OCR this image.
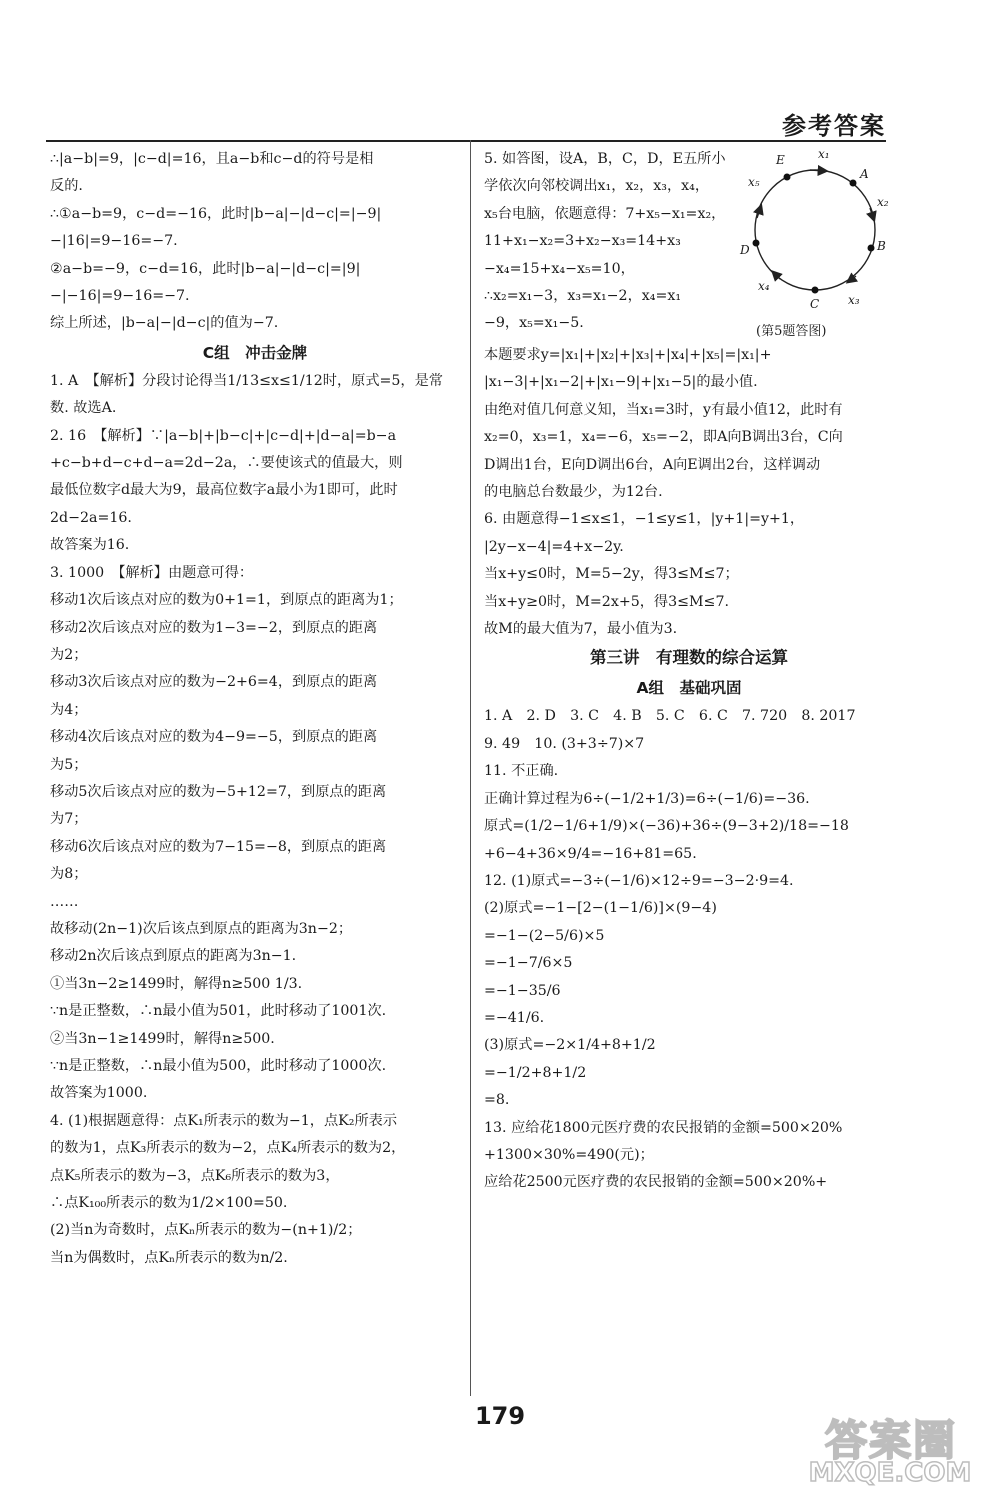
参考答案
∴|a−b|=9，|c−d|=16，且a−b和c−d的符号是相
反的.
∴①a−b=9，c−d=−16，此时|b−a|−|d−c|=|−9|
−|16|=9−16=−7.
②a−b=−9，c−d=16，此时|b−a|−|d−c|=|9|
−|−16|=9−16=−7.
综上所述，|b−a|−|d−c|的值为−7.
C组　冲击金牌
1. A　【解析】分段讨论得当1/13≤x≤1/12时，原式=5，是常
数. 故选A.
2. 16　【解析】∵|a−b|+|b−c|+|c−d|+|d−a|=b−a
+c−b+d−c+d−a=2d−2a，∴要使该式的值最大，则
最低位数字d最大为9，最高位数字a最小为1即可，此时
2d−2a=16.
故答案为16.
3. 1000　【解析】由题意可得：
移动1次后该点对应的数为0+1=1，到原点的距离为1；
移动2次后该点对应的数为1−3=−2，到原点的距离
为2；
移动3次后该点对应的数为−2+6=4，到原点的距离
为4；
移动4次后该点对应的数为4−9=−5，到原点的距离
为5；
移动5次后该点对应的数为−5+12=7，到原点的距离
为7；
移动6次后该点对应的数为7−15=−8，到原点的距离
为8；
……
故移动(2n−1)次后该点到原点的距离为3n−2；
移动2n次后该点到原点的距离为3n−1.
①当3n−2≥1499时，解得n≥500 1/3.
∵n是正整数，∴n最小值为501，此时移动了1001次.
②当3n−1≥1499时，解得n≥500.
∵n是正整数，∴n最小值为500，此时移动了1000次.
故答案为1000.
4. (1)根据题意得：点K₁所表示的数为−1，点K₂所表示
的数为1，点K₃所表示的数为−2，点K₄所表示的数为2，
点K₅所表示的数为−3，点K₆所表示的数为3，
∴点K₁₀₀所表示的数为1/2×100=50.
(2)当n为奇数时，点Kₙ所表示的数为−(n+1)/2；
当n为偶数时，点Kₙ所表示的数为n/2.
5. 如答图，设A，B，C，D，E五所小
学依次向邻校调出x₁，x₂，x₃，x₄，
x₅台电脑，依题意得：7+x₅−x₁=x₂，
11+x₁−x₂=3+x₂−x₃=14+x₃
−x₄=15+x₄−x₅=10，
∴x₂=x₁−3，x₃=x₁−2，x₄=x₁
−9，x₅=x₁−5.
本题要求y=|x₁|+|x₂|+|x₃|+|x₄|+|x₅|=|x₁|+
|x₁−3|+|x₁−2|+|x₁−9|+|x₁−5|的最小值.
由绝对值几何意义知，当x₁=3时，y有最小值12，此时有
x₂=0，x₃=1，x₄=−6，x₅=−2，即A向B调出3台，C向
D调出1台，E向D调出6台，A向E调出2台，这样调动
的电脑总台数最少，为12台.
6. 由题意得−1≤x≤1，−1≤y≤1，|y+1|=y+1，
|2y−x−4|=4+x−2y.
当x+y≤0时，M=5−2y，得3≤M≤7；
当x+y≥0时，M=2x+5，得3≤M≤7.
故M的最大值为7，最小值为3.
第三讲　有理数的综合运算
A组　基础巩固
1. A　2. D　3. C　4. B　5. C　6. C　7. 720　8. 2017
9. 49　10. (3+3÷7)×7
11. 不正确.
正确计算过程为6÷(−1/2+1/3)=6÷(−1/6)=−36.
原式=(1/2−1/6+1/9)×(−36)+36÷(9−3+2)/18=−18
+6−4+36×9/4=−16+81=65.
12. (1)原式=−3÷(−1/6)×12÷9=−3−2·9=4.
(2)原式=−1−[2−(1−1/6)]×(9−4)
=−1−(2−5/6)×5
=−1−7/6×5
=−1−35/6
=−41/6.
(3)原式=−2×1/4+8+1/2
=−1/2+8+1/2
=8.
13. 应给花1800元医疗费的农民报销的金额=500×20%
+1300×30%=490(元)；
应给花2500元医疗费的农民报销的金额=500×20%+
E
A
B
C
D
x₁
x₂
x₃
x₄
x₅
(第5题答图)
179	答案圈
MXQE.COM
